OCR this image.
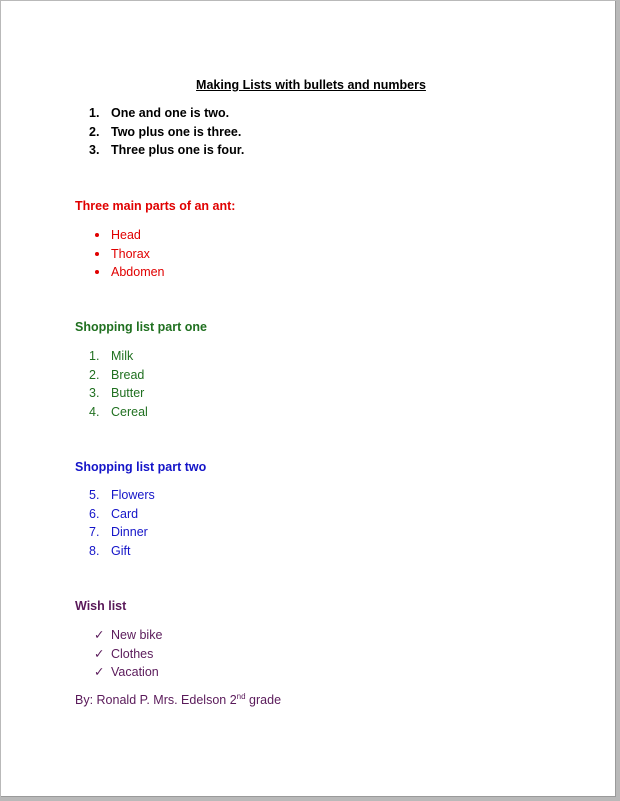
Making Lists with bullets and numbers
1. One and one is two.
2. Two plus one is three.
3. Three plus one is four.
Three main parts of an ant:
Head
Thorax
Abdomen
Shopping list part one
1. Milk
2. Bread
3. Butter
4. Cereal
Shopping list part two
5. Flowers
6. Card
7. Dinner
8. Gift
Wish list
✓ New bike
✓ Clothes
✓ Vacation
By: Ronald P. Mrs. Edelson 2nd grade
